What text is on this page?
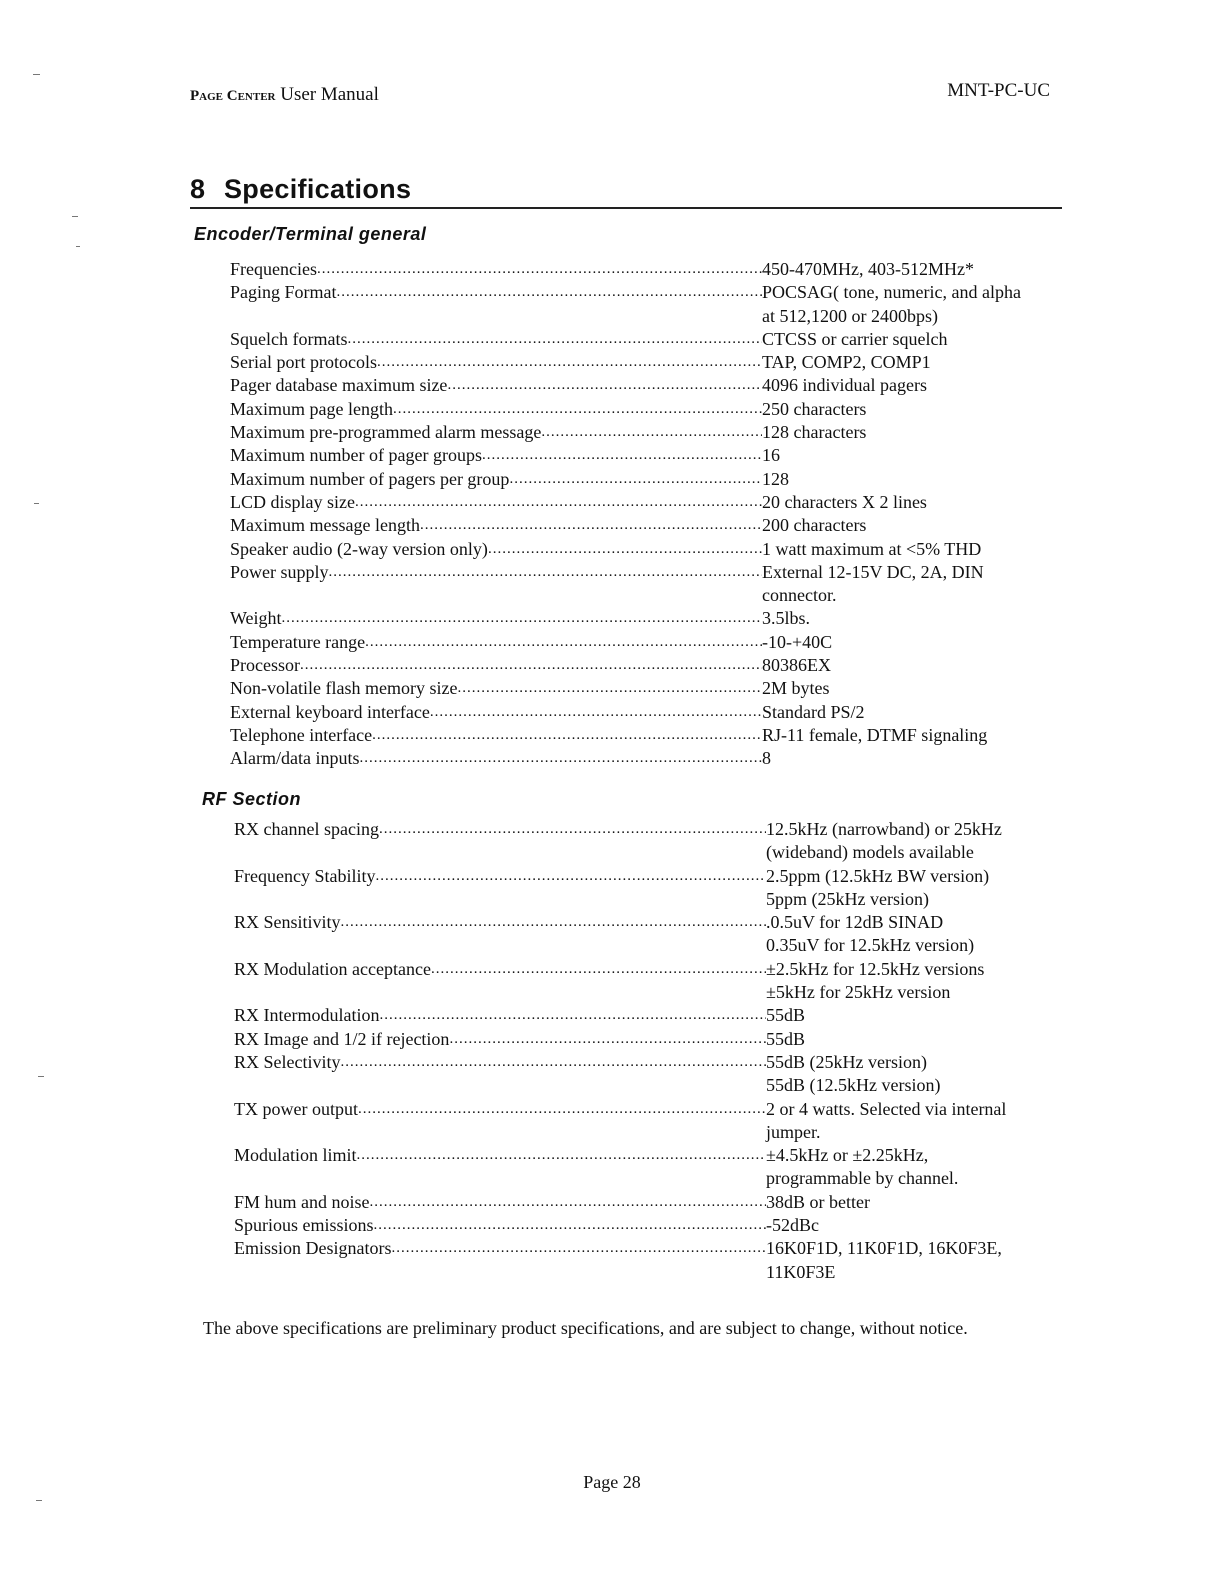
Page Center User Manual	MNT-PC-UC
8 Specifications
Encoder/Terminal general
Frequencies .....	450-470MHz, 403-512MHz*
Paging Format .....	POCSAG( tone, numeric, and alpha
at 512,1200 or 2400bps)
Squelch formats .....	CTCSS or carrier squelch
Serial port protocols .....	TAP, COMP2, COMP1
Pager database maximum size .....	4096 individual pagers
Maximum page length .....	250 characters
Maximum pre-programmed alarm message .....	128 characters
Maximum number of pager groups .....	16
Maximum number of pagers per group .....	128
LCD display size .....	20 characters X 2 lines
Maximum message length .....	200 characters
Speaker audio (2-way version only) .....	1 watt maximum at <5% THD
Power supply .....	External 12-15V DC, 2A, DIN
connector.
Weight .....	3.5lbs.
Temperature range .....	-10-+40C
Processor .....	80386EX
Non-volatile flash memory size .....	2M bytes
External keyboard interface .....	Standard PS/2
Telephone interface .....	RJ-11 female, DTMF signaling
Alarm/data inputs .....	8
RF Section
RX channel spacing .....	12.5kHz (narrowband) or 25kHz
(wideband) models available
Frequency Stability .....	2.5ppm (12.5kHz BW version)
5ppm (25kHz version)
RX Sensitivity .....	.0.5uV for 12dB SINAD
0.35uV for 12.5kHz version)
RX Modulation acceptance .....	±2.5kHz for 12.5kHz versions
±5kHz for 25kHz version
RX Intermodulation .....	55dB
RX Image and 1/2 if rejection .....	55dB
RX Selectivity .....	55dB (25kHz version)
55dB (12.5kHz version)
TX power output .....	2 or 4 watts. Selected via internal
jumper.
Modulation limit .....	±4.5kHz or ±2.25kHz,
programmable by channel.
FM hum and noise .....	38dB or better
Spurious emissions .....	-52dBc
Emission Designators .....	16K0F1D, 11K0F1D, 16K0F3E,
11K0F3E
The above specifications are preliminary product specifications, and are subject to change, without notice.
Page 28
